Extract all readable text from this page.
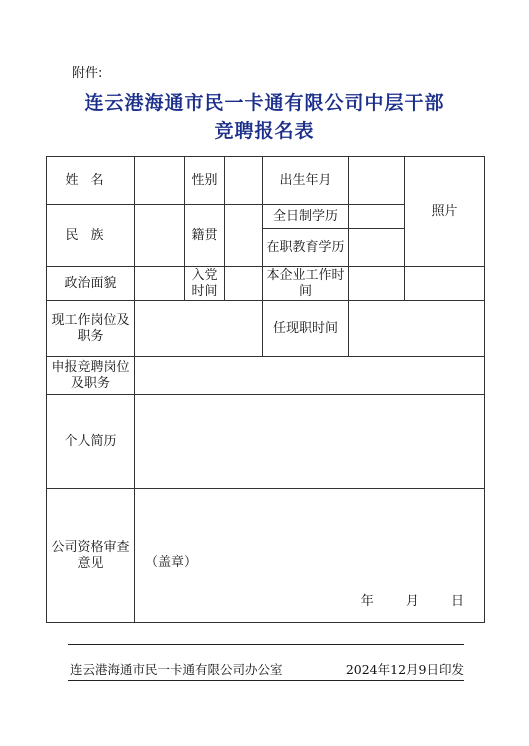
附件:
连云港海通市民一卡通有限公司中层干部
竞聘报名表
姓名		性别		出生年月		照片
民族		籍贯		全日制学历		
				在职教育学历		
政治面貌		入党时间		本企业工作时间		
现工作岗位及职务				任现职时间		
申报竞聘岗位及职务						
个人简历						
公司资格审查意见	（盖章）
年 月 日					
连云港海通市民一卡通有限公司办公室	2024年12月9日印发
